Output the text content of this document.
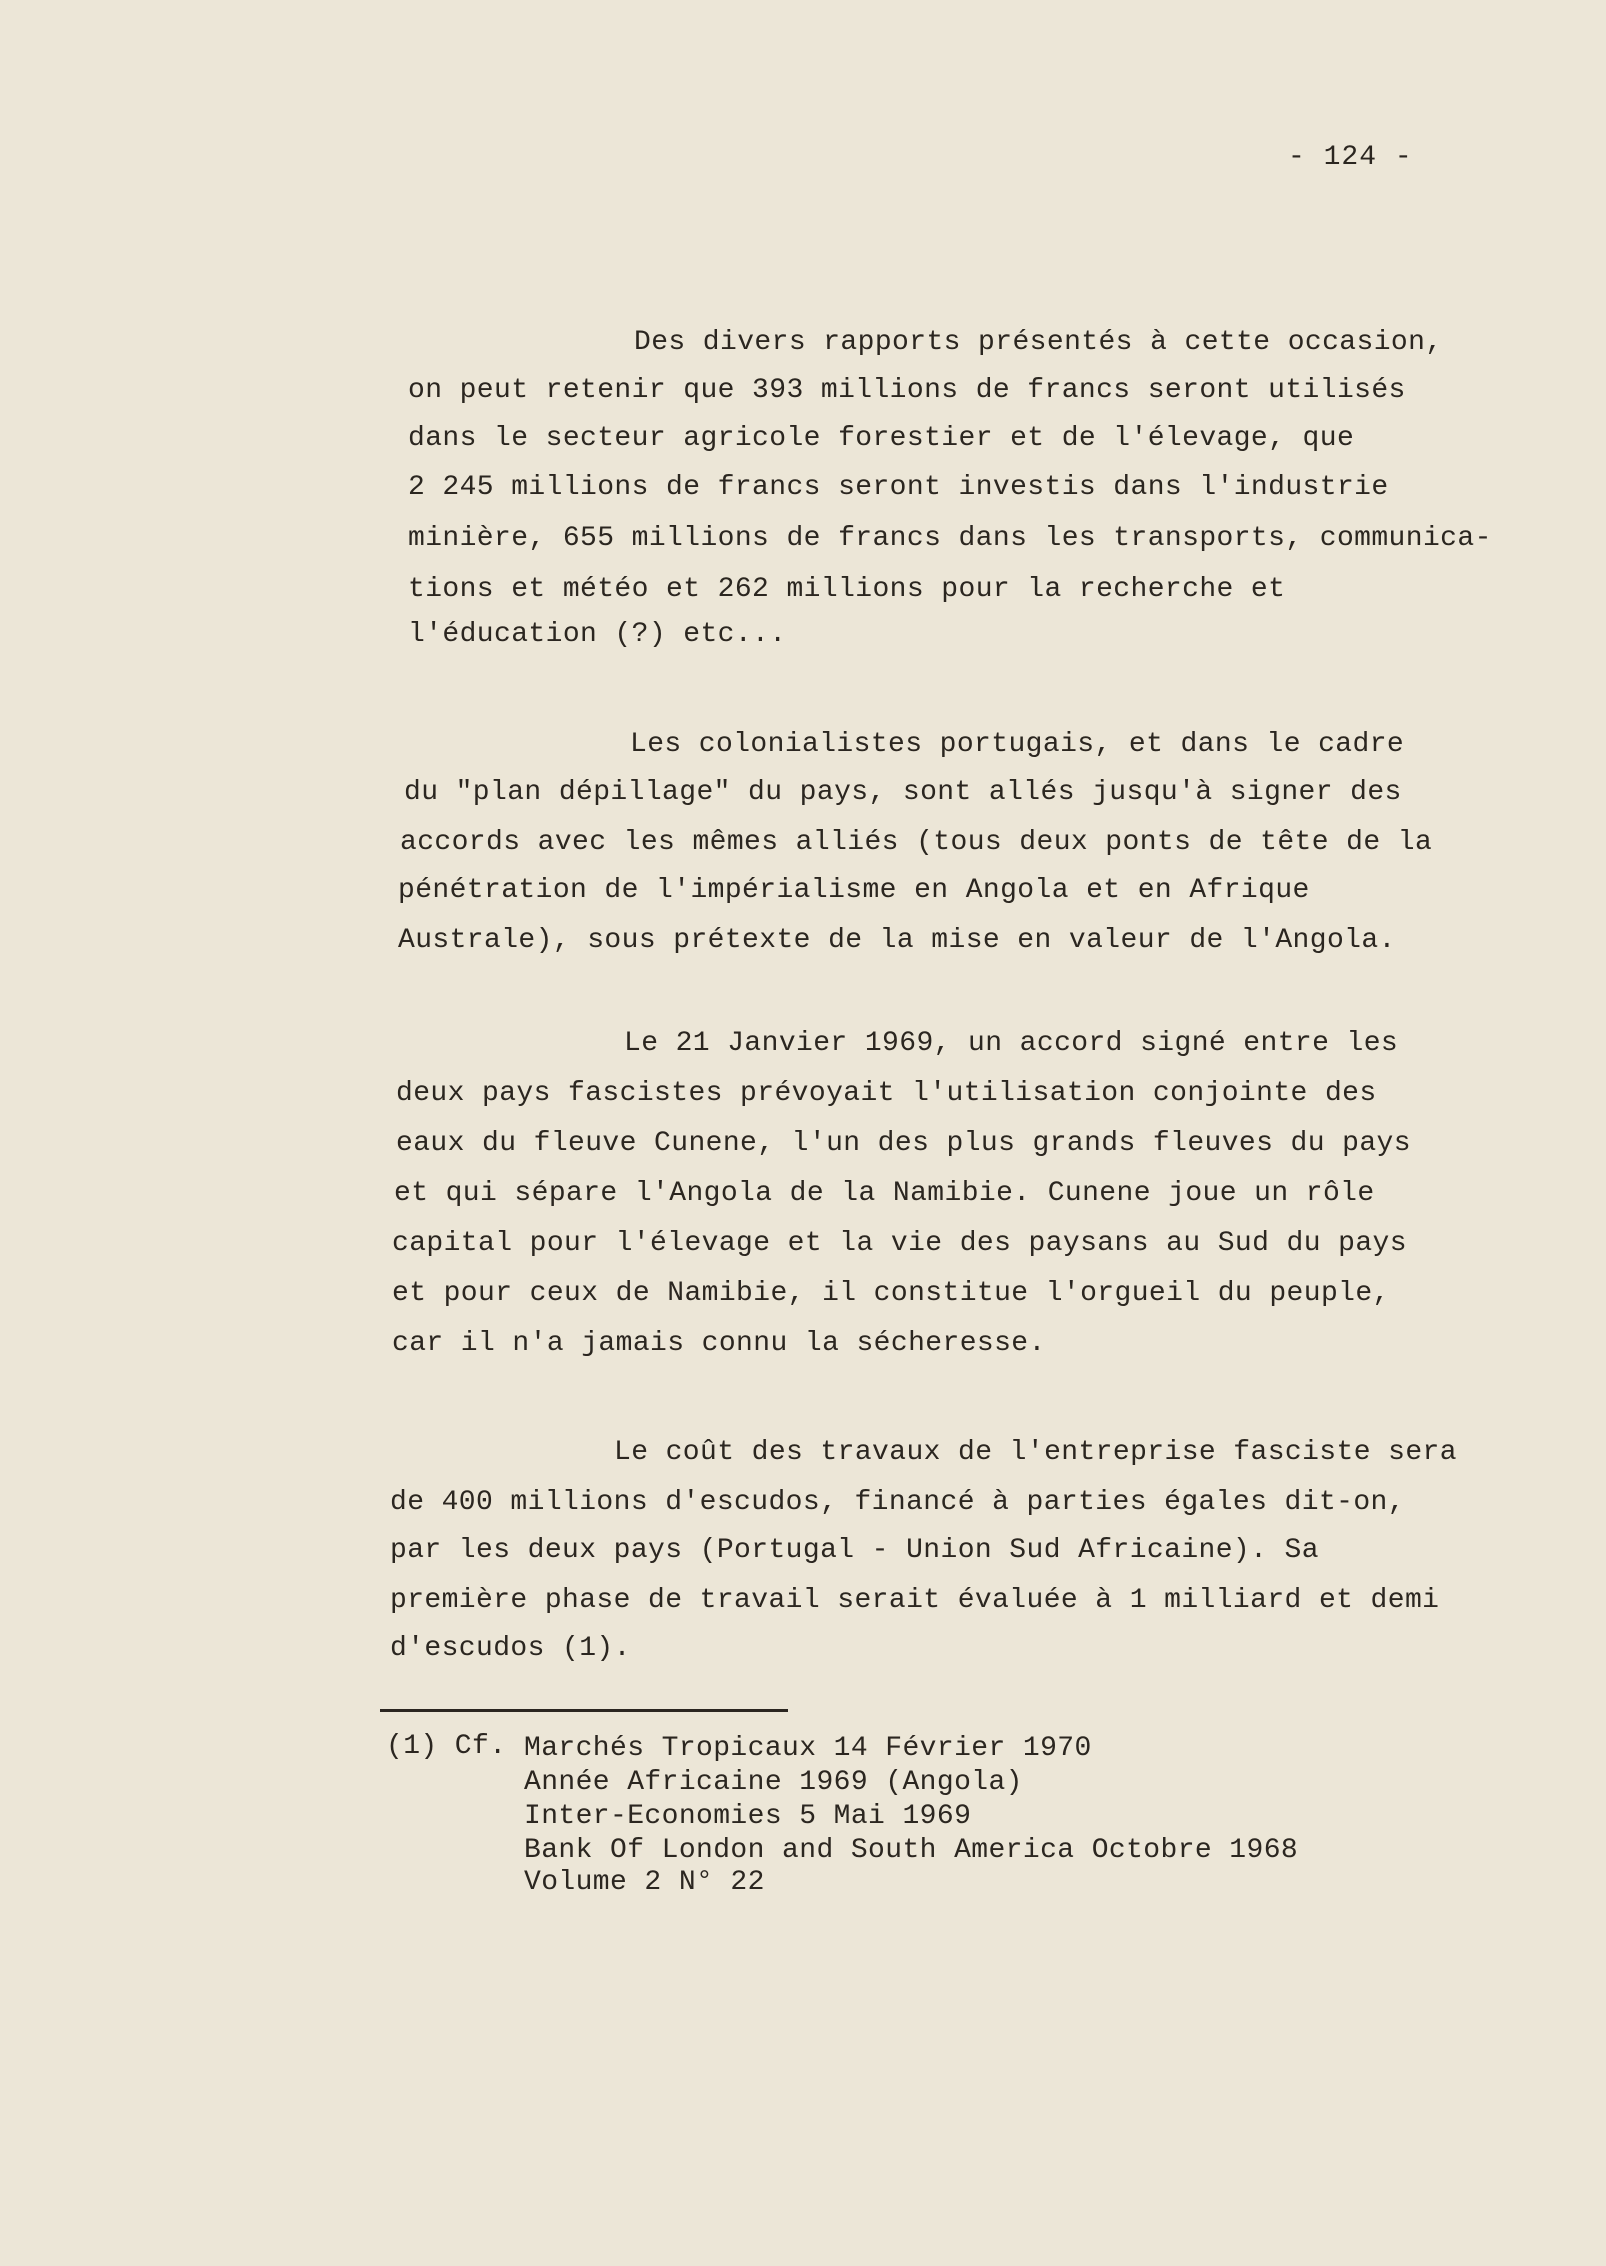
- 124 -
Des divers rapports présentés à cette occasion,
on peut retenir que 393 millions de francs seront utilisés
dans le secteur agricole forestier et de l'élevage, que
2 245 millions de francs seront investis dans l'industrie
minière, 655 millions de francs dans les transports, communica-
tions et météo et 262 millions pour la recherche et
l'éducation (?) etc...
Les colonialistes portugais, et dans le cadre
du "plan dépillage" du pays, sont allés jusqu'à signer des
accords avec les mêmes alliés (tous deux ponts de tête de la
pénétration de l'impérialisme en Angola et en Afrique
Australe), sous prétexte de la mise en valeur de l'Angola.
Le 21 Janvier 1969, un accord signé entre les
deux pays fascistes prévoyait l'utilisation conjointe des
eaux du fleuve Cunene, l'un des plus grands fleuves du pays
et qui sépare l'Angola de la Namibie. Cunene joue un rôle
capital pour l'élevage et la vie des paysans au Sud du pays
et pour ceux de Namibie, il constitue l'orgueil du peuple,
car il n'a jamais connu la sécheresse.
Le coût des travaux de l'entreprise fasciste sera
de 400 millions d'escudos, financé à parties égales dit-on,
par les deux pays (Portugal - Union Sud Africaine). Sa
première phase de travail serait évaluée à 1 milliard et demi
d'escudos (1).
(1) Cf. Marchés Tropicaux 14 Février 1970
Année Africaine 1969 (Angola)
Inter-Economies 5 Mai 1969
Bank Of London and South America Octobre 1968
Volume 2 N° 22
